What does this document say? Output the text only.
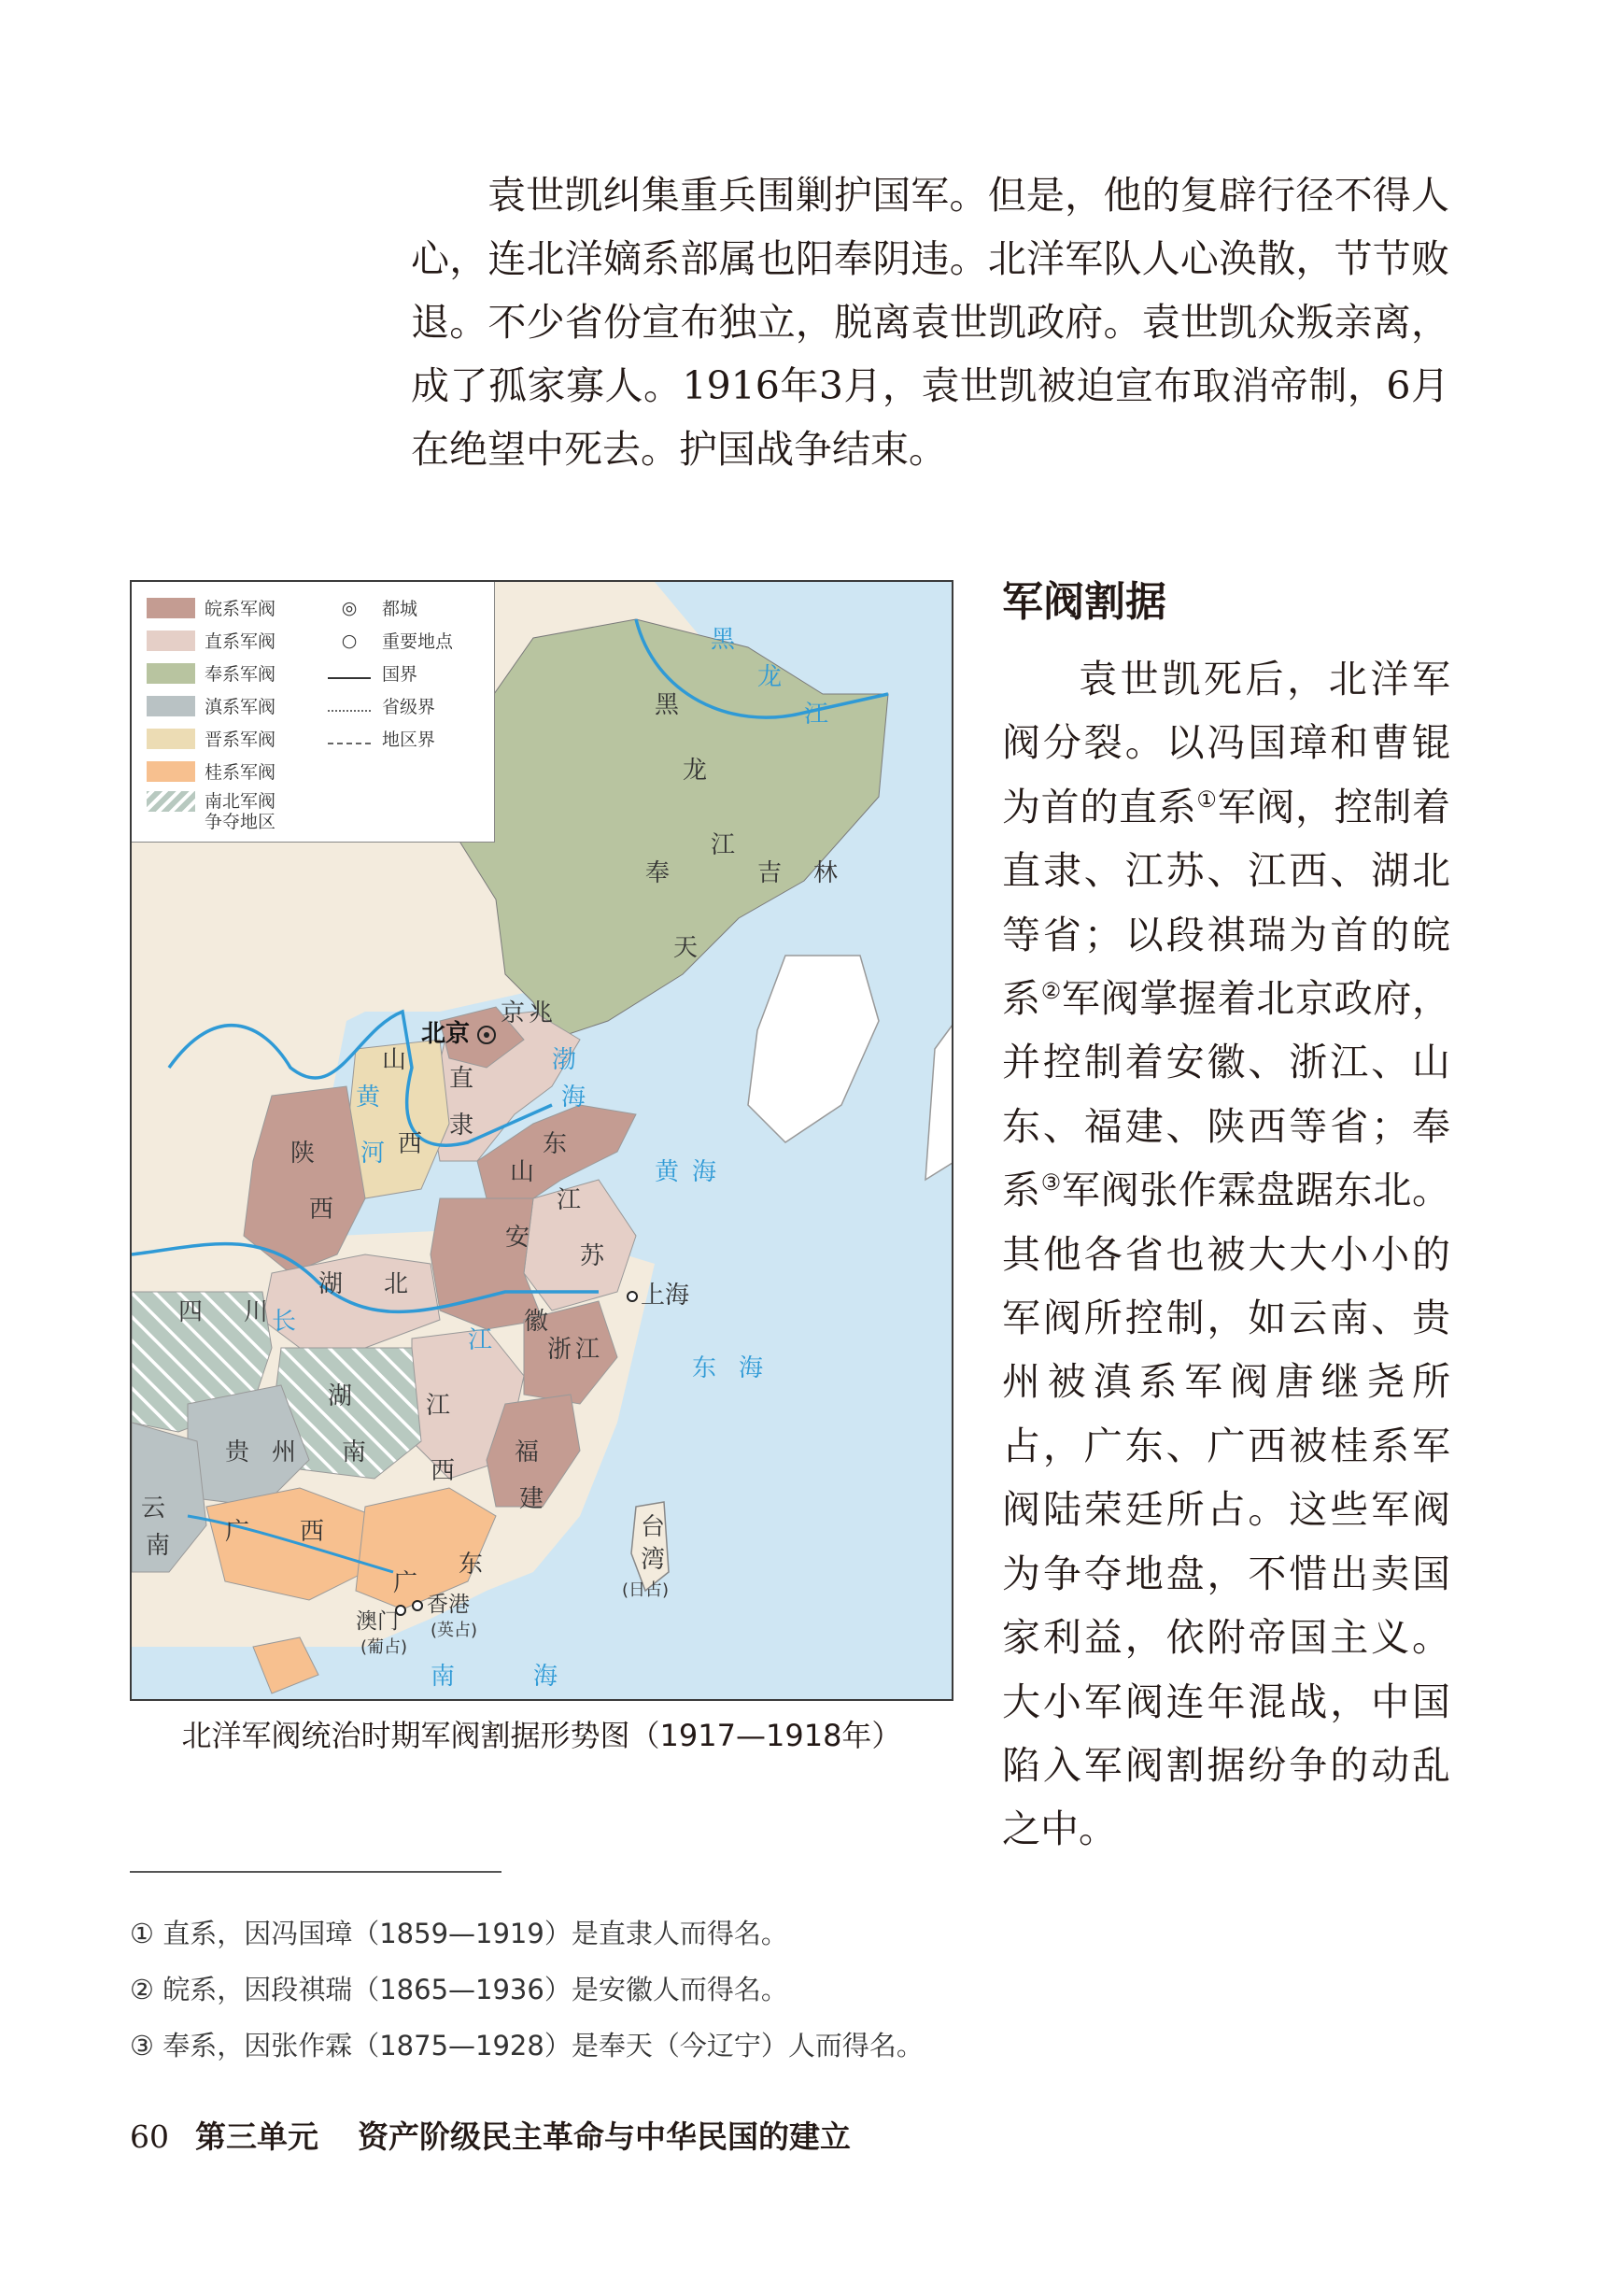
袁世凯纠集重兵围剿护国军。但是，他的复辟行径不得人心，连北洋嫡系部属也阳奉阴违。北洋军队人心涣散，节节败退。不少省份宣布独立，脱离袁世凯政府。袁世凯众叛亲离，成了孤家寡人。1916年3月，袁世凯被迫宣布取消帝制，6月在绝望中死去。护国战争结束。

黑
龙
江
奉
天
吉 林
京 兆
北京
直
隶
山
西
山
东
陕
西	江
苏
安
徽
湖 北
四 川
湖
南
江
西
浙 江
福
建
贵 州
云
南 广 西
广
东
台
湾
(日占)
上海
香港
(英占)
澳门
(葡占)
渤
海
黄 海
东 海
南	海
黄
河
长
江
黑
龙
江
皖系军阀
直系军阀
奉系军阀
滇系军阀
晋系军阀
桂系军阀
南北军阀
争夺地区
◎	都城
○	重要地点
国界
省级界
地区界

北洋军阀统治时期军阀割据形势图（1917—1918年）

军阀割据

袁世凯死后，北洋军阀分裂。以冯国璋和曹锟为首的直系①军阀，控制着直隶、江苏、江西、湖北等省；以段祺瑞为首的皖系②军阀掌握着北京政府，并控制着安徽、浙江、山东、福建、陕西等省；奉系③军阀张作霖盘踞东北。其他各省也被大大小小的军阀所控制，如云南、贵州被滇系军阀唐继尧所占，广东、广西被桂系军阀陆荣廷所占。这些军阀为争夺地盘，不惜出卖国家利益，依附帝国主义。大小军阀连年混战，中国陷入军阀割据纷争的动乱之中。

① 直系，因冯国璋（1859—1919）是直隶人而得名。
② 皖系，因段祺瑞（1865—1936）是安徽人而得名。
③ 奉系，因张作霖（1875—1928）是奉天（今辽宁）人而得名。
60 第三单元 资产阶级民主革命与中华民国的建立
